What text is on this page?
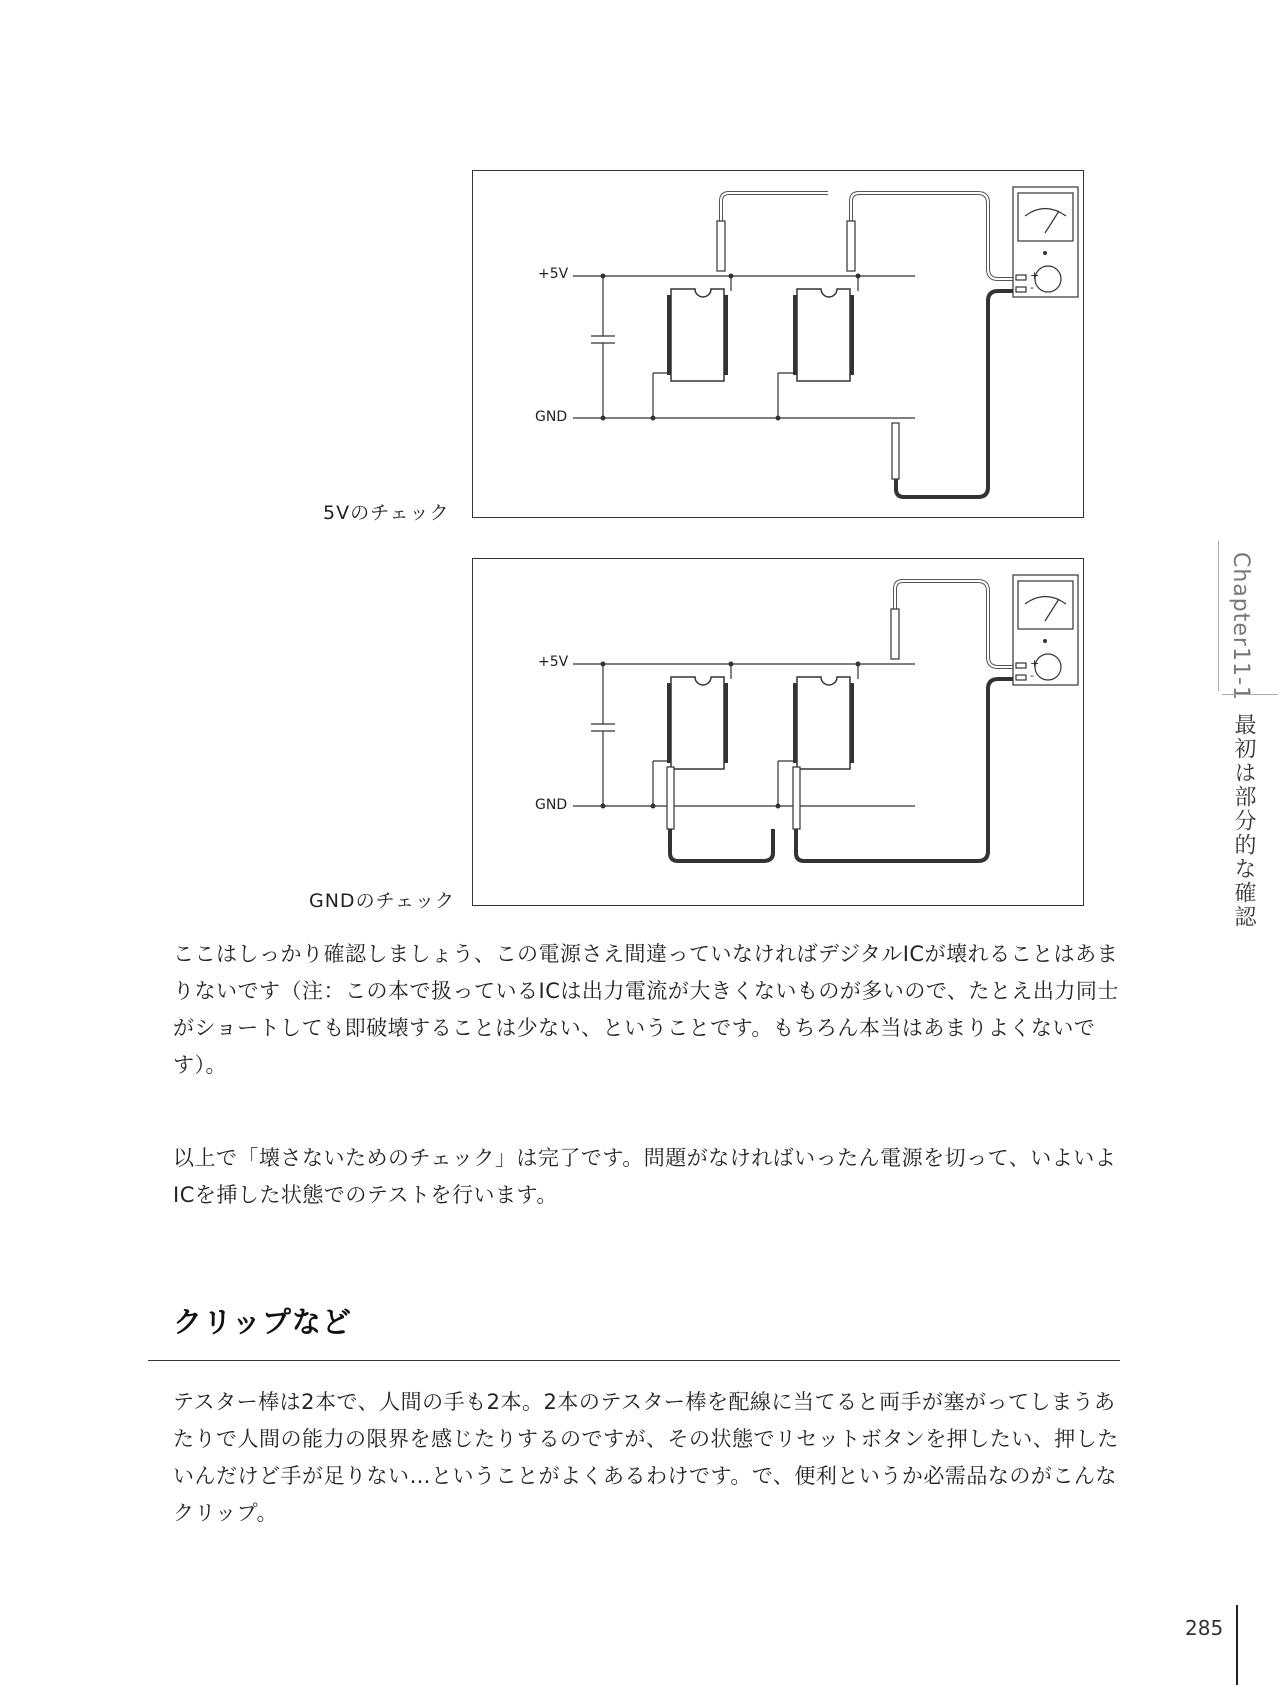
+5V
GND
+
-
5Vのチェック
+5V
GND
+
-
GNDのチェック
ここはしっかり確認しましょう、この電源さえ間違っていなければデジタルICが壊れることはあまりないです（注：この本で扱っているICは出力電流が大きくないものが多いので、たとえ出力同士がショートしても即破壊することは少ない、ということです。もちろん本当はあまりよくないです）。
以上で「壊さないためのチェック」は完了です。問題がなければいったん電源を切って、いよいよICを挿した状態でのテストを行います。
クリップなど
テスター棒は2本で、人間の手も2本。2本のテスター棒を配線に当てると両手が塞がってしまうあたりで人間の能力の限界を感じたりするのですが、その状態でリセットボタンを押したい、押したいんだけど手が足りない…ということがよくあるわけです。で、便利というか必需品なのがこんなクリップ。
Chapter11-1
最初は部分的な確認
285
